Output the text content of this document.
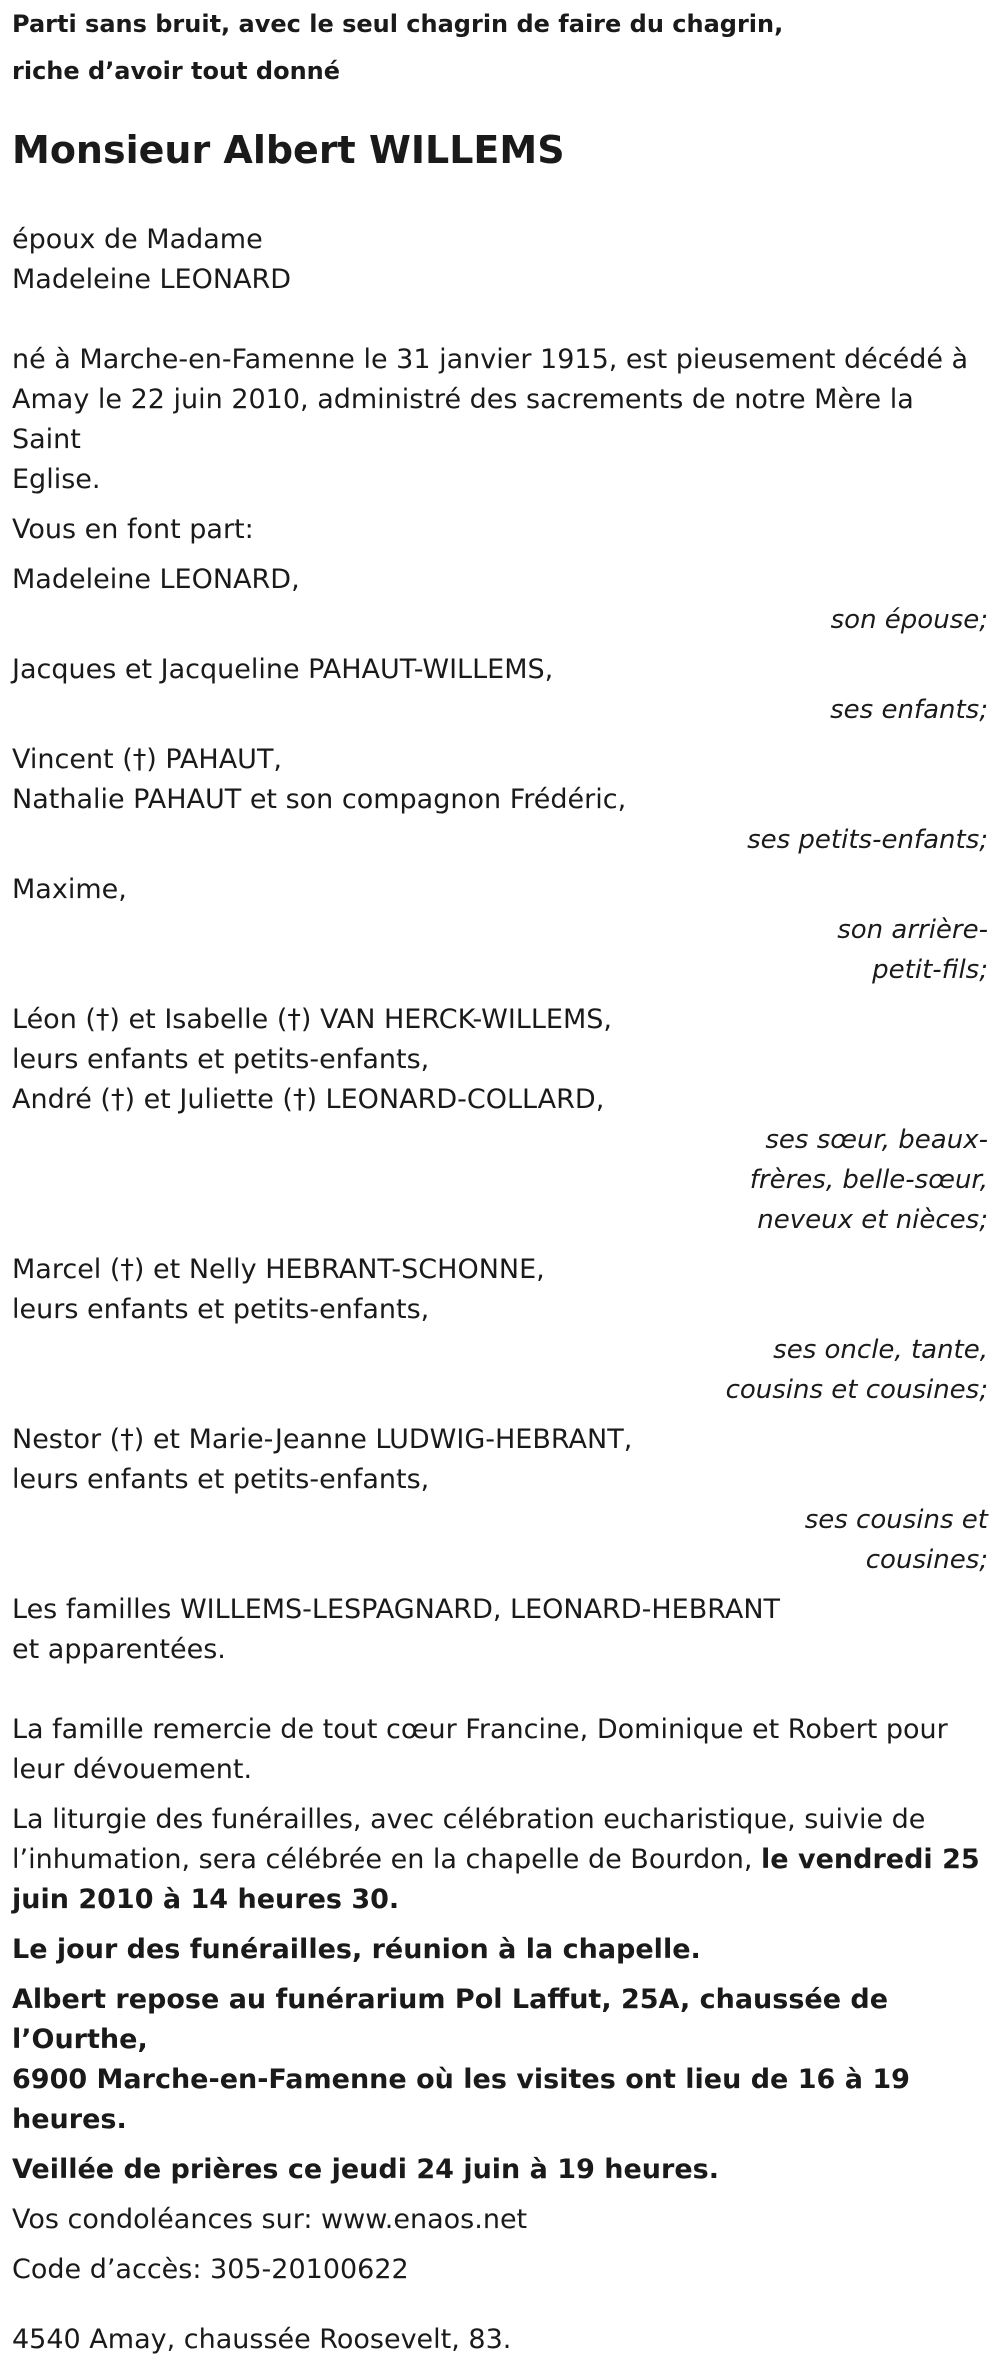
Parti sans bruit, avec le seul chagrin de faire du chagrin,
riche d’avoir tout donné
Monsieur Albert WILLEMS
époux de Madame
Madeleine LEONARD
né à Marche-en-Famenne le 31 janvier 1915, est pieusement décédé à
Amay le 22 juin 2010, administré des sacrements de notre Mère la Saint
Eglise.
Vous en font part:
Madeleine LEONARD,
son épouse;
Jacques et Jacqueline PAHAUT-WILLEMS,
ses enfants;
Vincent (†) PAHAUT,
Nathalie PAHAUT et son compagnon Frédéric,
ses petits-enfants;
Maxime,
son arrière-
petit-fils;
Léon (†) et Isabelle (†) VAN HERCK-WILLEMS,
leurs enfants et petits-enfants,
André (†) et Juliette (†) LEONARD-COLLARD,
ses sœur, beaux-
frères, belle-sœur,
neveux et nièces;
Marcel (†) et Nelly HEBRANT-SCHONNE,
leurs enfants et petits-enfants,
ses oncle, tante,
cousins et cousines;
Nestor (†) et Marie-Jeanne LUDWIG-HEBRANT,
leurs enfants et petits-enfants,
ses cousins et
cousines;
Les familles WILLEMS-LESPAGNARD, LEONARD-HEBRANT
et apparentées.
La famille remercie de tout cœur Francine, Dominique et Robert pour
leur dévouement.
La liturgie des funérailles, avec célébration eucharistique, suivie de
l’inhumation, sera célébrée en la chapelle de Bourdon, le vendredi 25
juin 2010 à 14 heures 30.
Le jour des funérailles, réunion à la chapelle.
Albert repose au funérarium Pol Laffut, 25A, chaussée de l’Ourthe,
6900 Marche-en-Famenne où les visites ont lieu de 16 à 19 heures.
Veillée de prières ce jeudi 24 juin à 19 heures.
Vos condoléances sur: www.enaos.net
Code d’accès: 305-20100622
4540 Amay, chaussée Roosevelt, 83.
